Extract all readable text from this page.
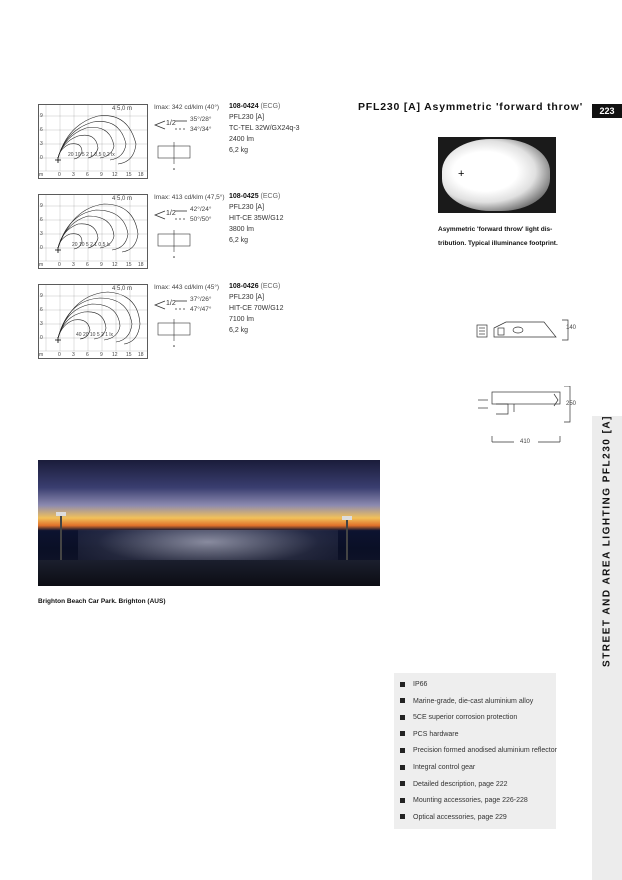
223
STREET AND AREA LIGHTING PFL230 [A]
PFL230 [A] Asymmetric 'forward throw'
4 5,0 m
20 10 5 2 1 0,5 0,2 lx
m	0 3 6 9 12 15 18
9
6
3
0
Imax: 342 cd/klm (40°)
1/2
35°/28°
34°/34°
108-0424 (ECG)
PFL230 [A]
TC-TEL 32W/GX24q-3
2400 lm
6,2 kg
4 5,0 m
20 10 5 2 1 0,5 lx
m	0 3 6 9 12 15 18
9
6
3
0
Imax: 413 cd/klm (47,5°)
1/2
42°/24°
50°/50°
108-0425 (ECG)
PFL230 [A]
HIT-CE 35W/G12
3800 lm
6,2 kg
4 5,0 m
40 20 10 5 2 1 lx
m	0 3 6 9 12 15 18
9
6
3
0
Imax: 443 cd/klm (45°)
1/2
37°/26°
47°/47°
108-0426 (ECG)
PFL230 [A]
HIT-CE 70W/G12
7100 lm
6,2 kg
+
Asymmetric 'forward throw' light dis-
tribution. Typical illuminance footprint.
140
250
410
Brighton Beach Car Park. Brighton (AUS)
IP66
Marine-grade, die-cast aluminium alloy
5CE superior corrosion protection
PCS hardware
Precision formed anodised aluminium reflector
Integral control gear
Detailed description, page 222
Mounting accessories, page 226-228
Optical accessories, page 229
